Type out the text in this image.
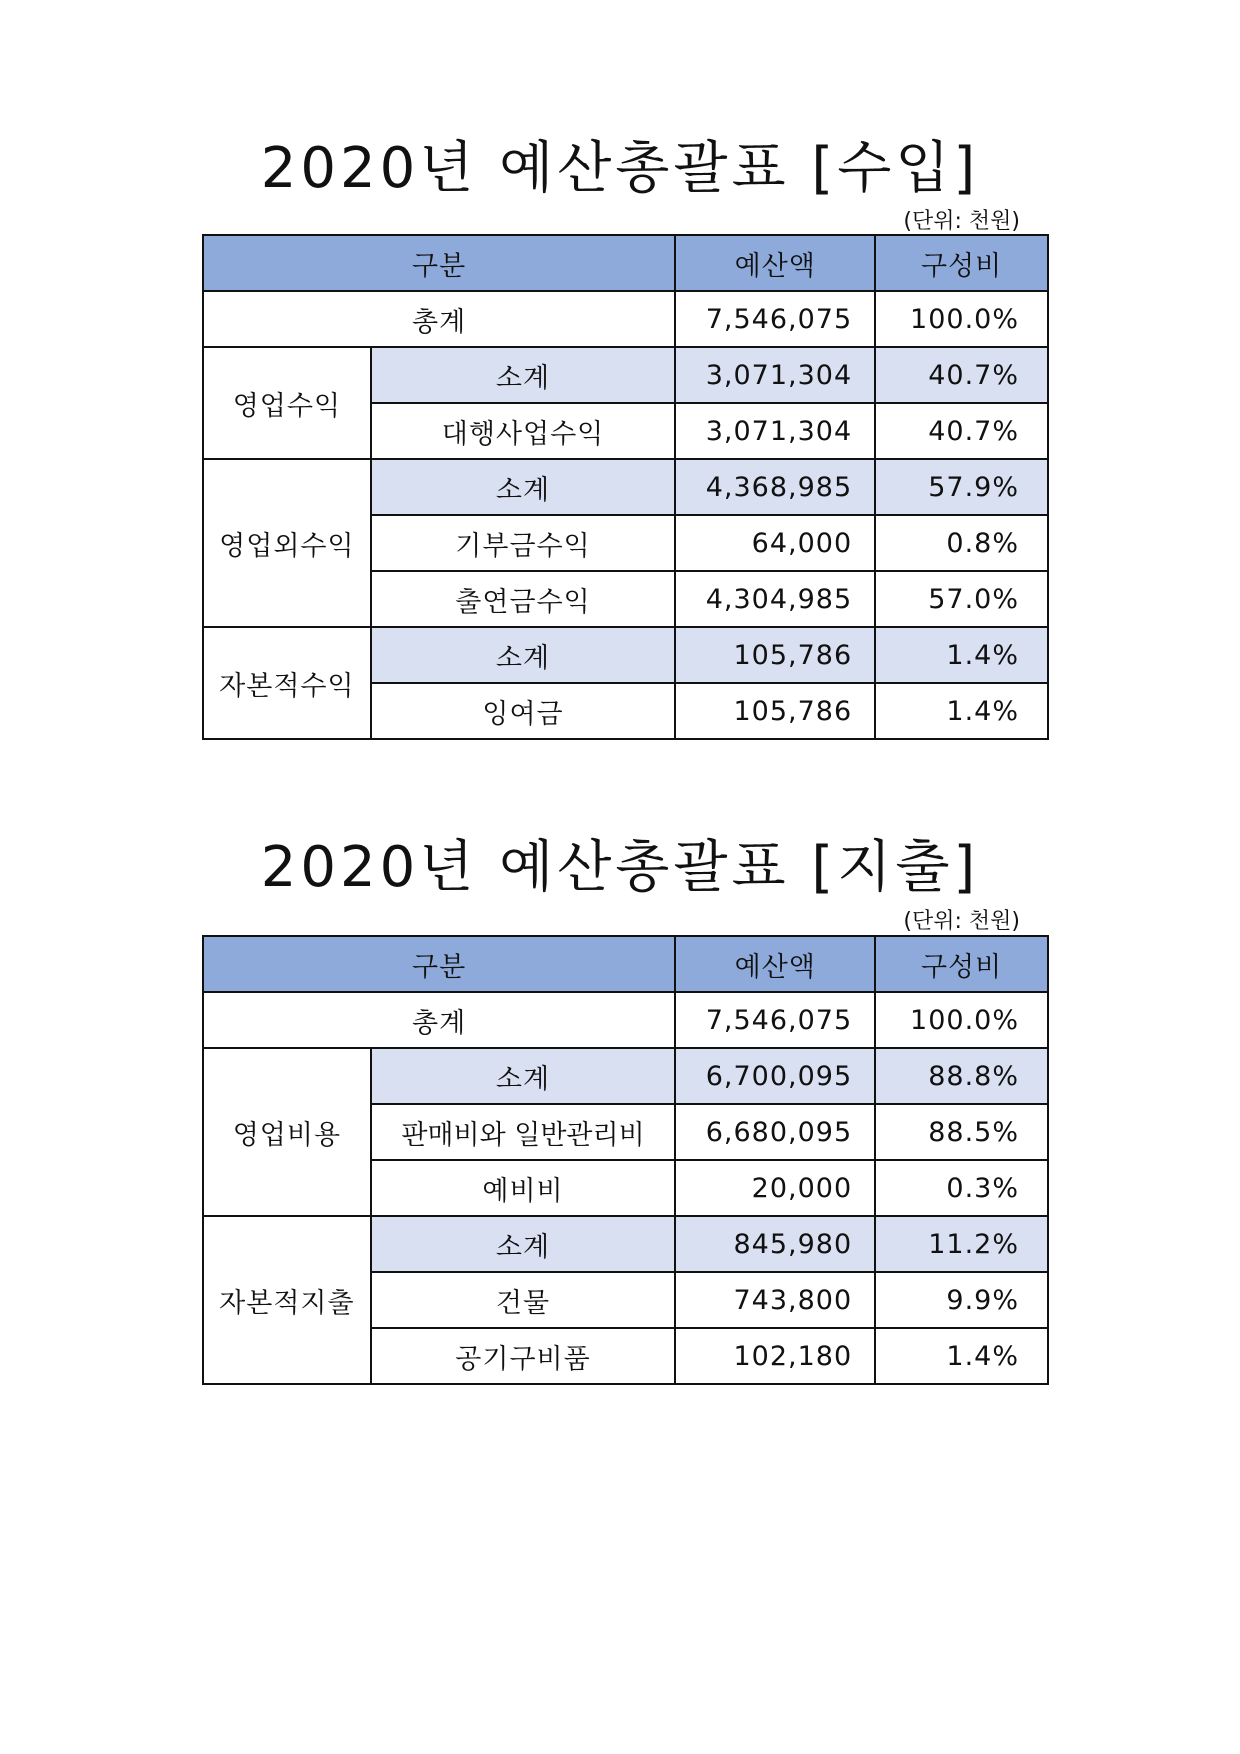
2020년 예산총괄표 [수입]
(단위: 천원)
구분		예산액	구성비
총계		7,546,075	100.0%
영업수익	소계	3,071,304	40.7%
	대행사업수익	3,071,304	40.7%
영업외수익	소계	4,368,985	57.9%
	기부금수익	64,000	0.8%
	출연금수익	4,304,985	57.0%
자본적수익	소계	105,786	1.4%
	잉여금	105,786	1.4%
2020년 예산총괄표 [지출]
(단위: 천원)
구분		예산액	구성비
총계		7,546,075	100.0%
영업비용	소계	6,700,095	88.8%
	판매비와 일반관리비	6,680,095	88.5%
	예비비	20,000	0.3%
자본적지출	소계	845,980	11.2%
	건물	743,800	9.9%
	공기구비품	102,180	1.4%
